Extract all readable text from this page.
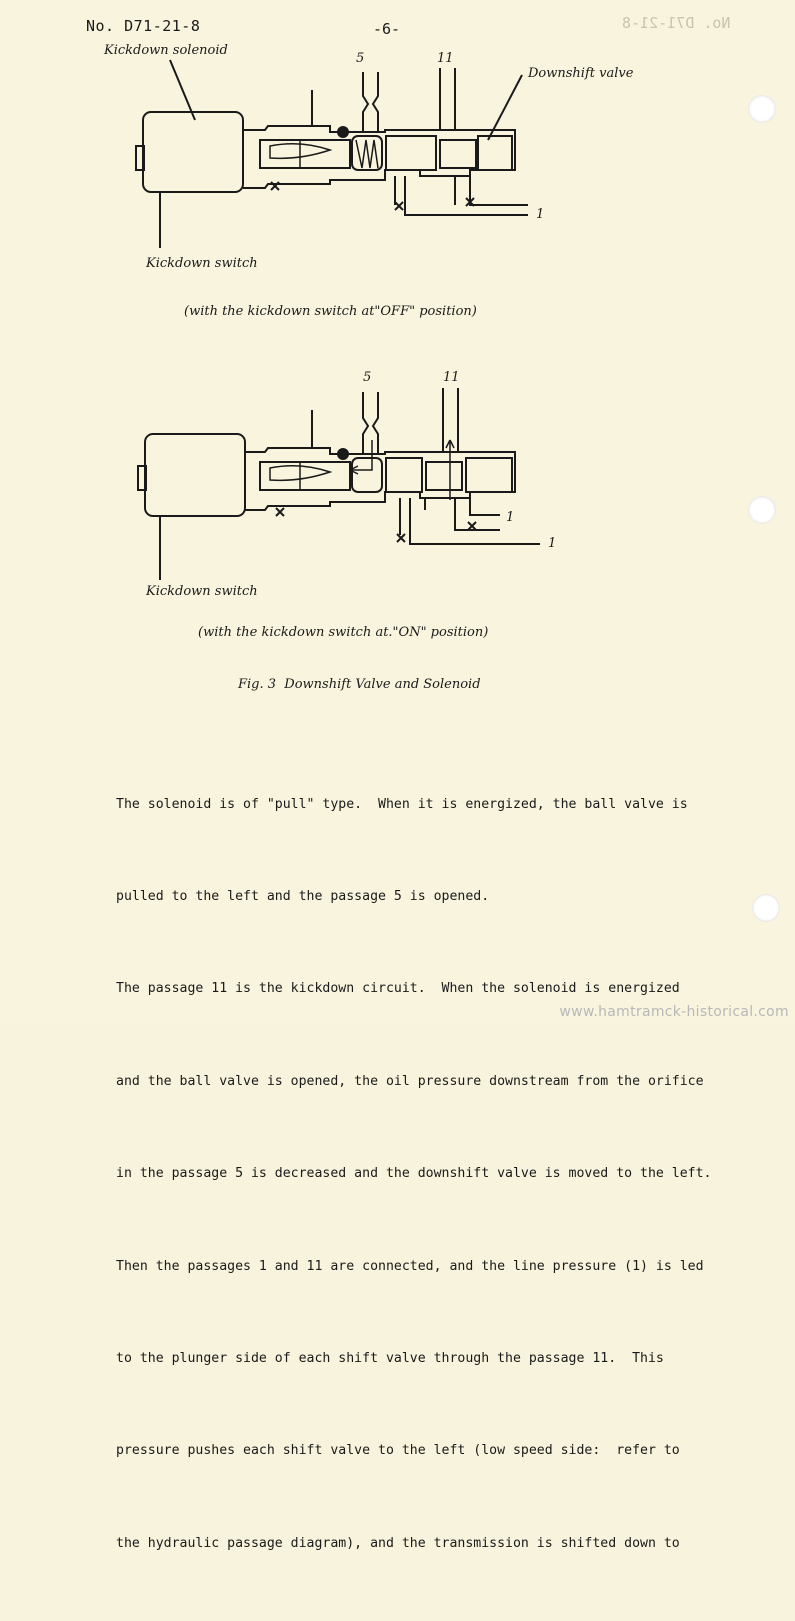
No. D71-21-8
No. D71-21-8	-6-
Kickdown solenoid
Downshift valve
Kickdown switch
5	11
1
(with the kickdown switch at"OFF" position)
5	11
1
1
Kickdown switch
(with the kickdown switch at."ON" position)
Fig. 3  Downshift Valve and Solenoid

The solenoid is of "pull" type.  When it is energized, the ball valve is

pulled to the left and the passage 5 is opened.

The passage 11 is the kickdown circuit.  When the solenoid is energized

and the ball valve is opened, the oil pressure downstream from the orifice

in the passage 5 is decreased and the downshift valve is moved to the left.

Then the passages 1 and 11 are connected, and the line pressure (1) is led

to the plunger side of each shift valve through the passage 11.  This

pressure pushes each shift valve to the left (low speed side:  refer to

the hydraulic passage diagram), and the transmission is shifted down to

www.hamtramck-historical.com
